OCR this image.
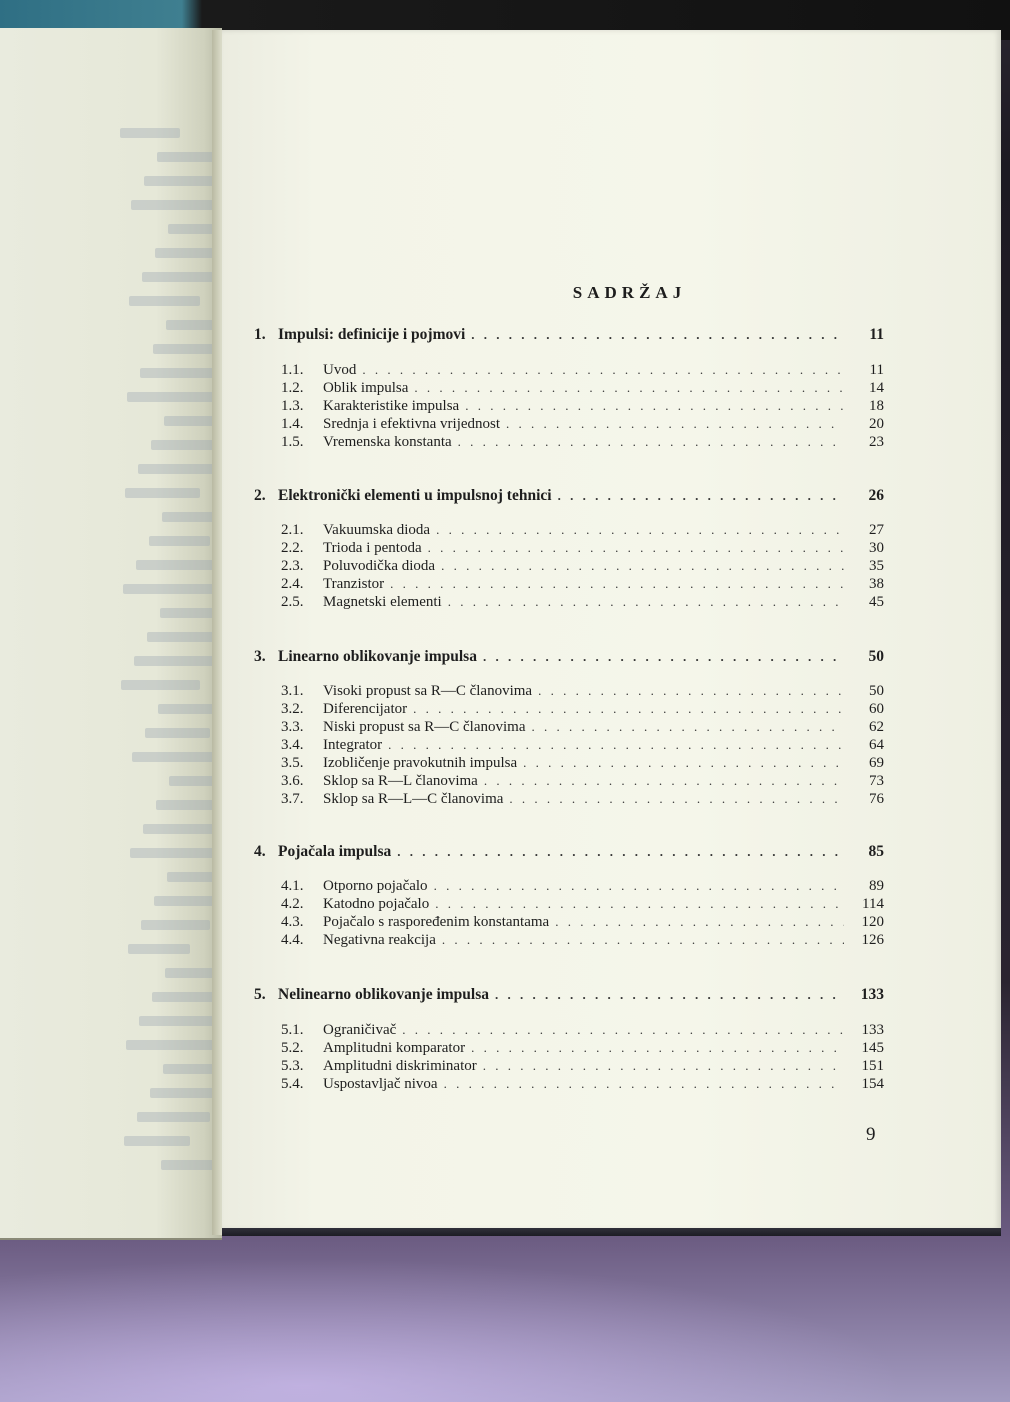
SADRŽAJ
1. Impulsi: definicije i pojmovi . . .	11
1.1.	Uvod . . .	11
1.2.	Oblik impulsa . . .	14
1.3.	Karakteristike impulsa . . .	18
1.4.	Srednja i efektivna vrijednost . . .	20
1.5.	Vremenska konstanta . . .	23
2. Elektronički elementi u impulsnoj tehnici . . .	26
2.1.	Vakuumska dioda . . .	27
2.2.	Trioda i pentoda . . .	30
2.3.	Poluvodička dioda . . .	35
2.4.	Tranzistor . . .	38
2.5.	Magnetski elementi . . .	45
3. Linearno oblikovanje impulsa . . .	50
3.1.	Visoki propust sa R—C članovima . . .	50
3.2.	Diferencijator . . .	60
3.3.	Niski propust sa R—C članovima . . .	62
3.4.	Integrator . . .	64
3.5.	Izobličenje pravokutnih impulsa . . .	69
3.6.	Sklop sa R—L članovima . . .	73
3.7.	Sklop sa R—L—C članovima . . .	76
4. Pojačala impulsa . . .	85
4.1.	Otporno pojačalo . . .	89
4.2.	Katodno pojačalo . . .	114
4.3.	Pojačalo s raspoređenim konstantama . . .	120
4.4.	Negativna reakcija . . .	126
5. Nelinearno oblikovanje impulsa . . .	133
5.1.	Ograničivač . . .	133
5.2.	Amplitudni komparator . . .	145
5.3.	Amplitudni diskriminator . . .	151
5.4.	Uspostavljač nivoa . . .	154
9
